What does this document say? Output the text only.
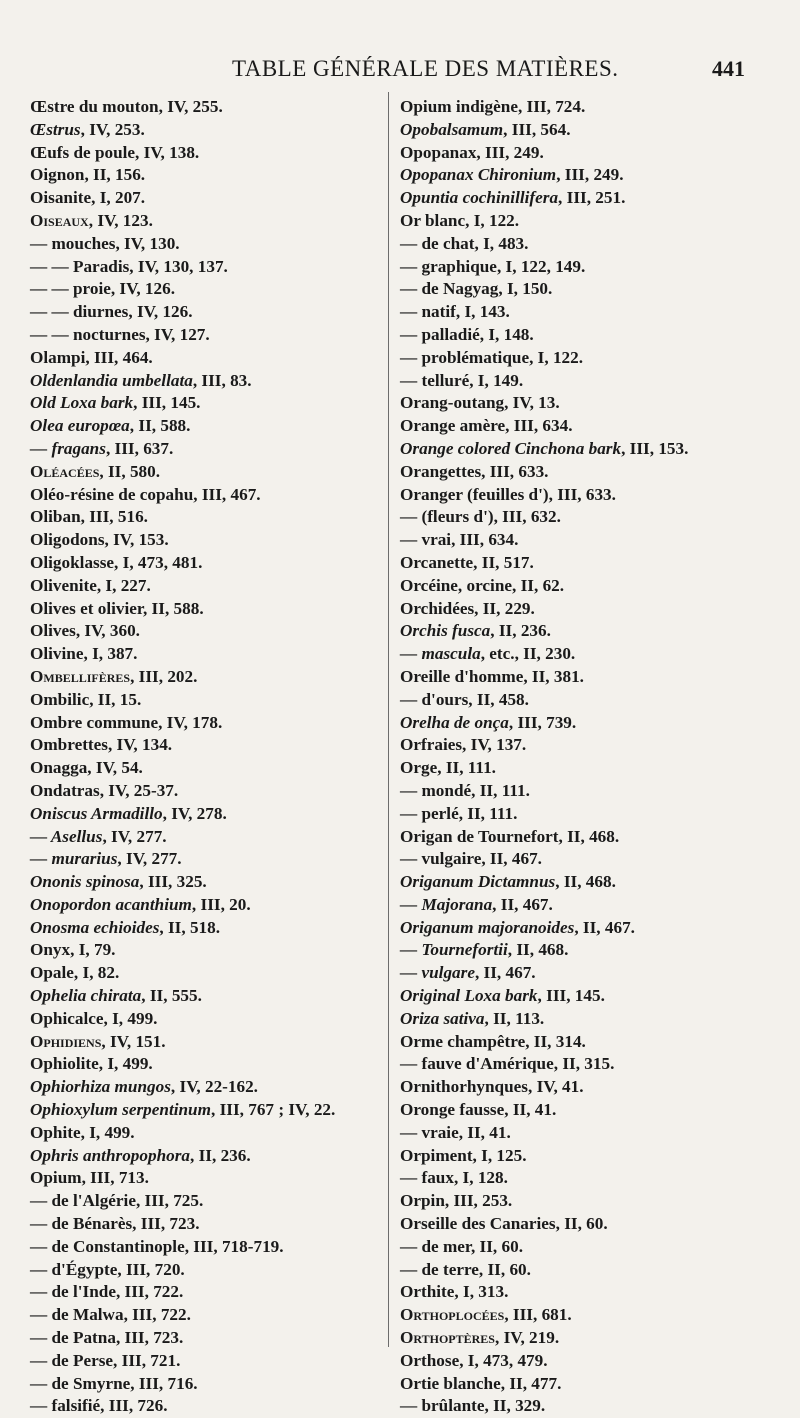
TABLE GÉNÉRALE DES MATIÈRES.	441
Œstre du mouton, IV, 255.
Œstrus, IV, 253.
Œufs de poule, IV, 138.
Oignon, II, 156.
Oisanite, I, 207.
Oiseaux, IV, 123.
— mouches, IV, 130.
— — Paradis, IV, 130, 137.
— — proie, IV, 126.
— — diurnes, IV, 126.
— — nocturnes, IV, 127.
Olampi, III, 464.
Oldenlandia umbellata, III, 83.
Old Loxa bark, III, 145.
Olea europœa, II, 588.
— fragans, III, 637.
Oléacées, II, 580.
Oléo-résine de copahu, III, 467.
Oliban, III, 516.
Oligodons, IV, 153.
Oligoklasse, I, 473, 481.
Olivenite, I, 227.
Olives et olivier, II, 588.
Olives, IV, 360.
Olivine, I, 387.
Ombellifères, III, 202.
Ombilic, II, 15.
Ombre commune, IV, 178.
Ombrettes, IV, 134.
Onagga, IV, 54.
Ondatras, IV, 25-37.
Oniscus Armadillo, IV, 278.
— Asellus, IV, 277.
— murarius, IV, 277.
Ononis spinosa, III, 325.
Onopordon acanthium, III, 20.
Onosma echioides, II, 518.
Onyx, I, 79.
Opale, I, 82.
Ophelia chirata, II, 555.
Ophicalce, I, 499.
Ophidiens, IV, 151.
Ophiolite, I, 499.
Ophiorhiza mungos, IV, 22-162.
Ophioxylum serpentinum, III, 767 ; IV, 22.
Ophite, I, 499.
Ophris anthropophora, II, 236.
Opium, III, 713.
— de l'Algérie, III, 725.
— de Bénarès, III, 723.
— de Constantinople, III, 718-719.
— d'Égypte, III, 720.
— de l'Inde, III, 722.
— de Malwa, III, 722.
— de Patna, III, 723.
— de Perse, III, 721.
— de Smyrne, III, 716.
— falsifié, III, 726.
Opium indigène, III, 724.
Opobalsamum, III, 564.
Opopanax, III, 249.
Opopanax Chironium, III, 249.
Opuntia cochinillifera, III, 251.
Or blanc, I, 122.
— de chat, I, 483.
— graphique, I, 122, 149.
— de Nagyag, I, 150.
— natif, I, 143.
— palladié, I, 148.
— problématique, I, 122.
— telluré, I, 149.
Orang-outang, IV, 13.
Orange amère, III, 634.
Orange colored Cinchona bark, III, 153.
Orangettes, III, 633.
Oranger (feuilles d'), III, 633.
— (fleurs d'), III, 632.
— vrai, III, 634.
Orcanette, II, 517.
Orcéine, orcine, II, 62.
Orchidées, II, 229.
Orchis fusca, II, 236.
— mascula, etc., II, 230.
Oreille d'homme, II, 381.
— d'ours, II, 458.
Orelha de onça, III, 739.
Orfraies, IV, 137.
Orge, II, 111.
— mondé, II, 111.
— perlé, II, 111.
Origan de Tournefort, II, 468.
— vulgaire, II, 467.
Origanum Dictamnus, II, 468.
— Majorana, II, 467.
Origanum majoranoides, II, 467.
— Tournefortii, II, 468.
— vulgare, II, 467.
Original Loxa bark, III, 145.
Oriza sativa, II, 113.
Orme champêtre, II, 314.
— fauve d'Amérique, II, 315.
Ornithorhynques, IV, 41.
Oronge fausse, II, 41.
— vraie, II, 41.
Orpiment, I, 125.
— faux, I, 128.
Orpin, III, 253.
Orseille des Canaries, II, 60.
— de mer, II, 60.
— de terre, II, 60.
Orthite, I, 313.
Orthoplocées, III, 681.
Orthoptères, IV, 219.
Orthose, I, 473, 479.
Ortie blanche, II, 477.
— brûlante, II, 329.
